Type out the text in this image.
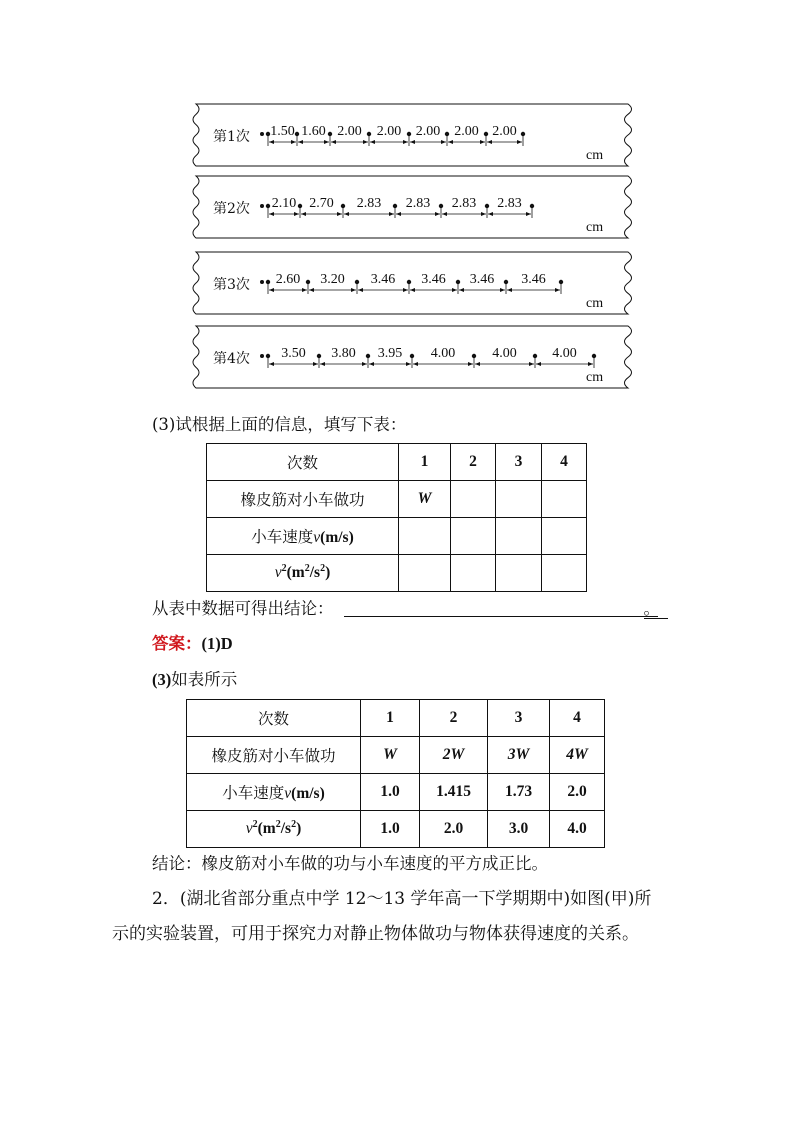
第1次 1.50 1.60 2.00 2.00 2.00 2.00 2.00
cm
第2次 2.10 2.70 2.83 2.83 2.83 2.83
cm
第3次 2.60 3.20 3.46 3.46 3.46 3.46
cm
第4次 3.50 3.80 3.95 4.00	4.00	4.00
cm
(3)试根据上面的信息，填写下表：
次数	1	2	3	4
橡皮筋对小车做功	W			
小车速度v(m/s)				
$v^2(m^2/s^2)$				
从表中数据可得出结论：	。
答案：(1)D
(3)如表所示
次数	1	2	3	4
橡皮筋对小车做功	W	2W	3W	4W
小车速度v(m/s)	1.0	1.415	1.73	2.0
$v^2(m^2/s^2)$	1.0	2.0	3.0	4.0
结论：橡皮筋对小车做的功与小车速度的平方成正比。
2．(湖北省部分重点中学 12～13 学年高一下学期期中)如图(甲)所
示的实验装置，可用于探究力对静止物体做功与物体获得速度的关系。
